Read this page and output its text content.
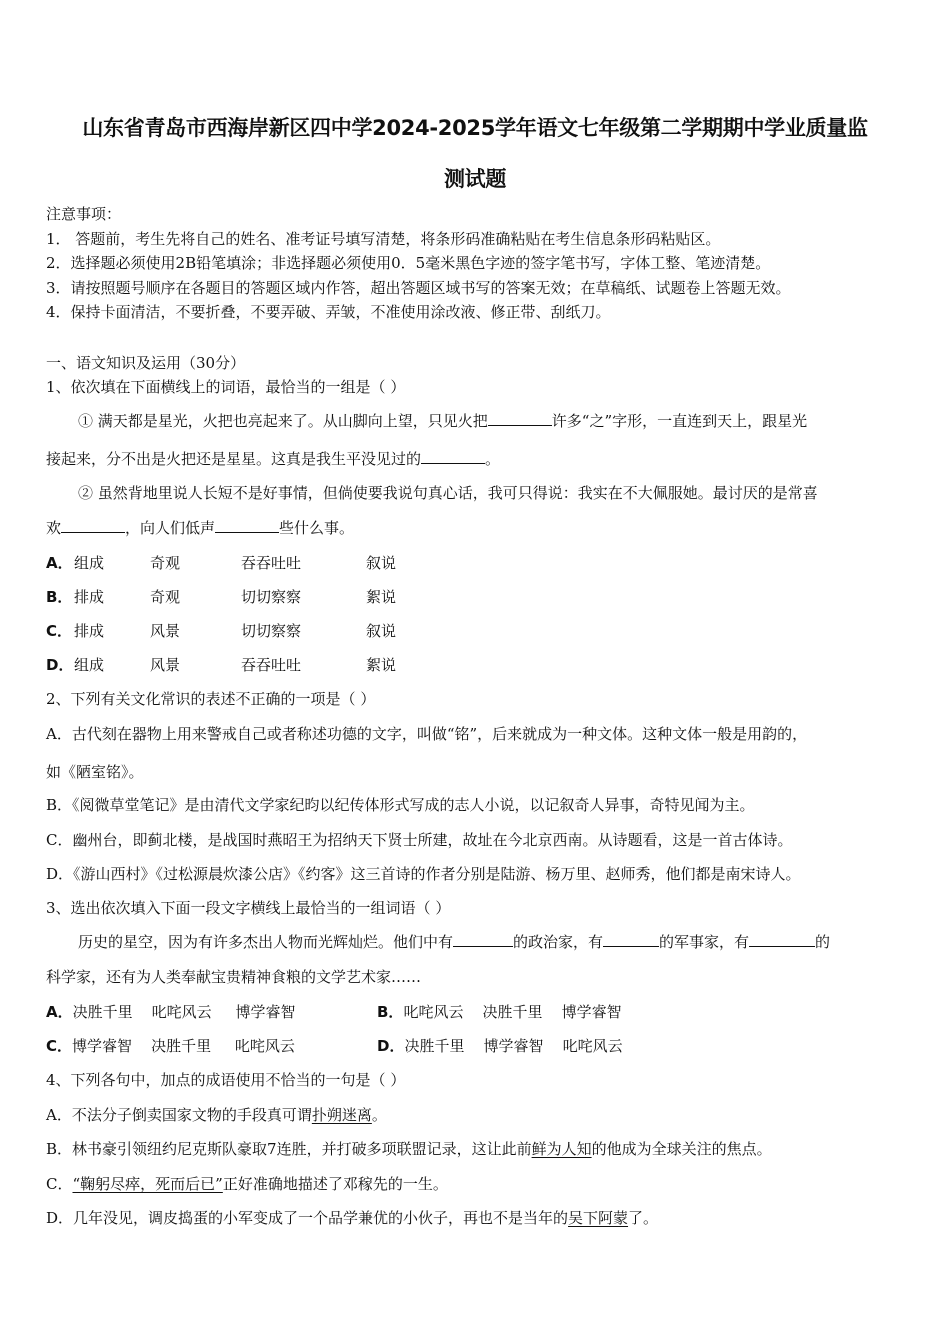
山东省青岛市西海岸新区四中学2024-2025学年语文七年级第二学期期中学业质量监
测试题
注意事项：
1． 答题前，考生先将自己的姓名、准考证号填写清楚，将条形码准确粘贴在考生信息条形码粘贴区。
2．选择题必须使用2B铅笔填涂；非选择题必须使用0．5毫米黑色字迹的签字笔书写，字体工整、笔迹清楚。
3．请按照题号顺序在各题目的答题区域内作答，超出答题区域书写的答案无效；在草稿纸、试题卷上答题无效。
4．保持卡面清洁，不要折叠，不要弄破、弄皱，不准使用涂改液、修正带、刮纸刀。
一、语文知识及运用（30分）
1、依次填在下面横线上的词语，最恰当的一组是（ ）
① 满天都是星光，火把也亮起来了。从山脚向上望，只见火把	许多“之”字形，一直连到天上，跟星光
接起来，分不出是火把还是星星。这真是我生平没见过的	。
② 虽然背地里说人长短不是好事情，但倘使要我说句真心话，我可只得说：我实在不大佩服她。最讨厌的是常喜
欢	，向人们低声	些什么事。
A． 组成	奇观	吞吞吐吐	叙说
B． 排成	奇观	切切察察	絮说
C． 排成	风景	切切察察	叙说
D． 组成	风景	吞吞吐吐	絮说
2、下列有关文化常识的表述不正确的一项是（ ）
A．古代刻在器物上用来警戒自己或者称述功德的文字，叫做“铭”，后来就成为一种文体。这种文体一般是用韵的，
如《陋室铭》。
B．《阅微草堂笔记》是由清代文学家纪昀以纪传体形式写成的志人小说，以记叙奇人异事，奇特见闻为主。
C．幽州台，即蓟北楼，是战国时燕昭王为招纳天下贤士所建，故址在今北京西南。从诗题看，这是一首古体诗。
D．《游山西村》《过松源晨炊漆公店》《约客》这三首诗的作者分别是陆游、杨万里、赵师秀，他们都是南宋诗人。
3、选出依次填入下面一段文字横线上最恰当的一组词语（ ）
历史的星空，因为有许多杰出人物而光辉灿烂。他们中有	的政治家，有	的军事家，有	的
科学家，还有为人类奉献宝贵精神食粮的文学艺术家……
A．决胜千里    叱咤风云     博学睿智	B．叱咤风云    决胜千里    博学睿智
C．博学睿智    决胜千里     叱咤风云	D．决胜千里    博学睿智    叱咤风云
4、下列各句中，加点的成语使用不恰当的一句是（ ）
A．不法分子倒卖国家文物的手段真可谓扑朔迷离。
B．林书豪引领纽约尼克斯队豪取7连胜，并打破多项联盟记录，这让此前鲜为人知的他成为全球关注的焦点。
C．“鞠躬尽瘁，死而后已”正好准确地描述了邓稼先的一生。
D．几年没见，调皮捣蛋的小军变成了一个品学兼优的小伙子，再也不是当年的吴下阿蒙了。
